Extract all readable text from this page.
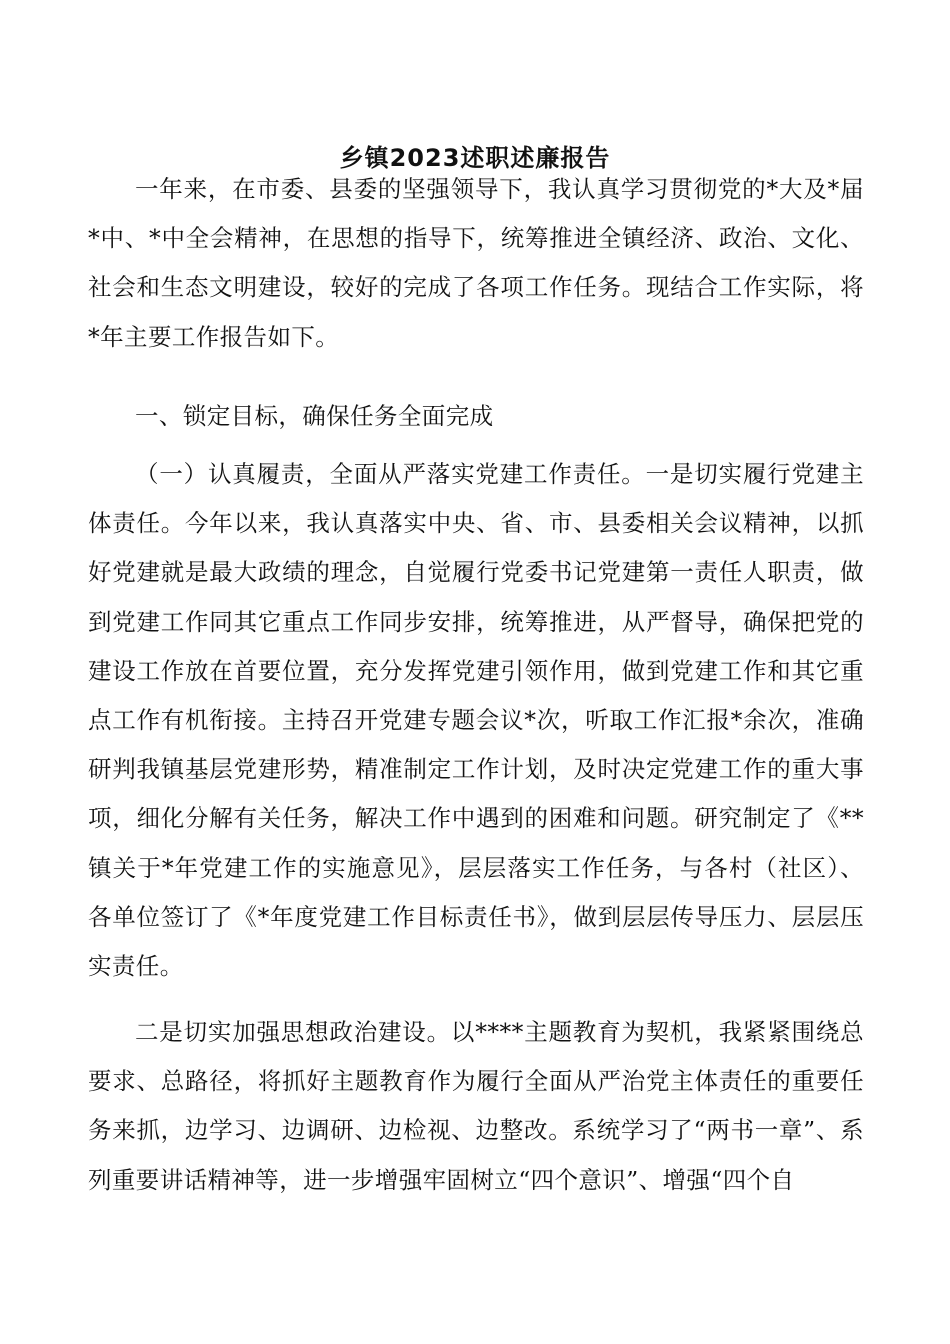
乡镇2023述职述廉报告

一年来，在市委、县委的坚强领导下，我认真学习贯彻党的*大及*届*中、*中全会精神，在思想的指导下，统筹推进全镇经济、政治、文化、社会和生态文明建设，较好的完成了各项工作任务。现结合工作实际，将*年主要工作报告如下。

一、锁定目标，确保任务全面完成

（一）认真履责，全面从严落实党建工作责任。一是切实履行党建主体责任。今年以来，我认真落实中央、省、市、县委相关会议精神，以抓好党建就是最大政绩的理念，自觉履行党委书记党建第一责任人职责，做到党建工作同其它重点工作同步安排，统筹推进，从严督导，确保把党的建设工作放在首要位置，充分发挥党建引领作用，做到党建工作和其它重点工作有机衔接。主持召开党建专题会议*次，听取工作汇报*余次，准确研判我镇基层党建形势，精准制定工作计划，及时决定党建工作的重大事项，细化分解有关任务，解决工作中遇到的困难和问题。研究制定了《**镇关于*年党建工作的实施意见》，层层落实工作任务，与各村（社区）、各单位签订了《*年度党建工作目标责任书》，做到层层传导压力、层层压实责任。

二是切实加强思想政治建设。以****主题教育为契机，我紧紧围绕总要求、总路径，将抓好主题教育作为履行全面从严治党主体责任的重要任务来抓，边学习、边调研、边检视、边整改。系统学习了“两书一章”、系列重要讲话精神等，进一步增强牢固树立“四个意识”、增强“四个自
